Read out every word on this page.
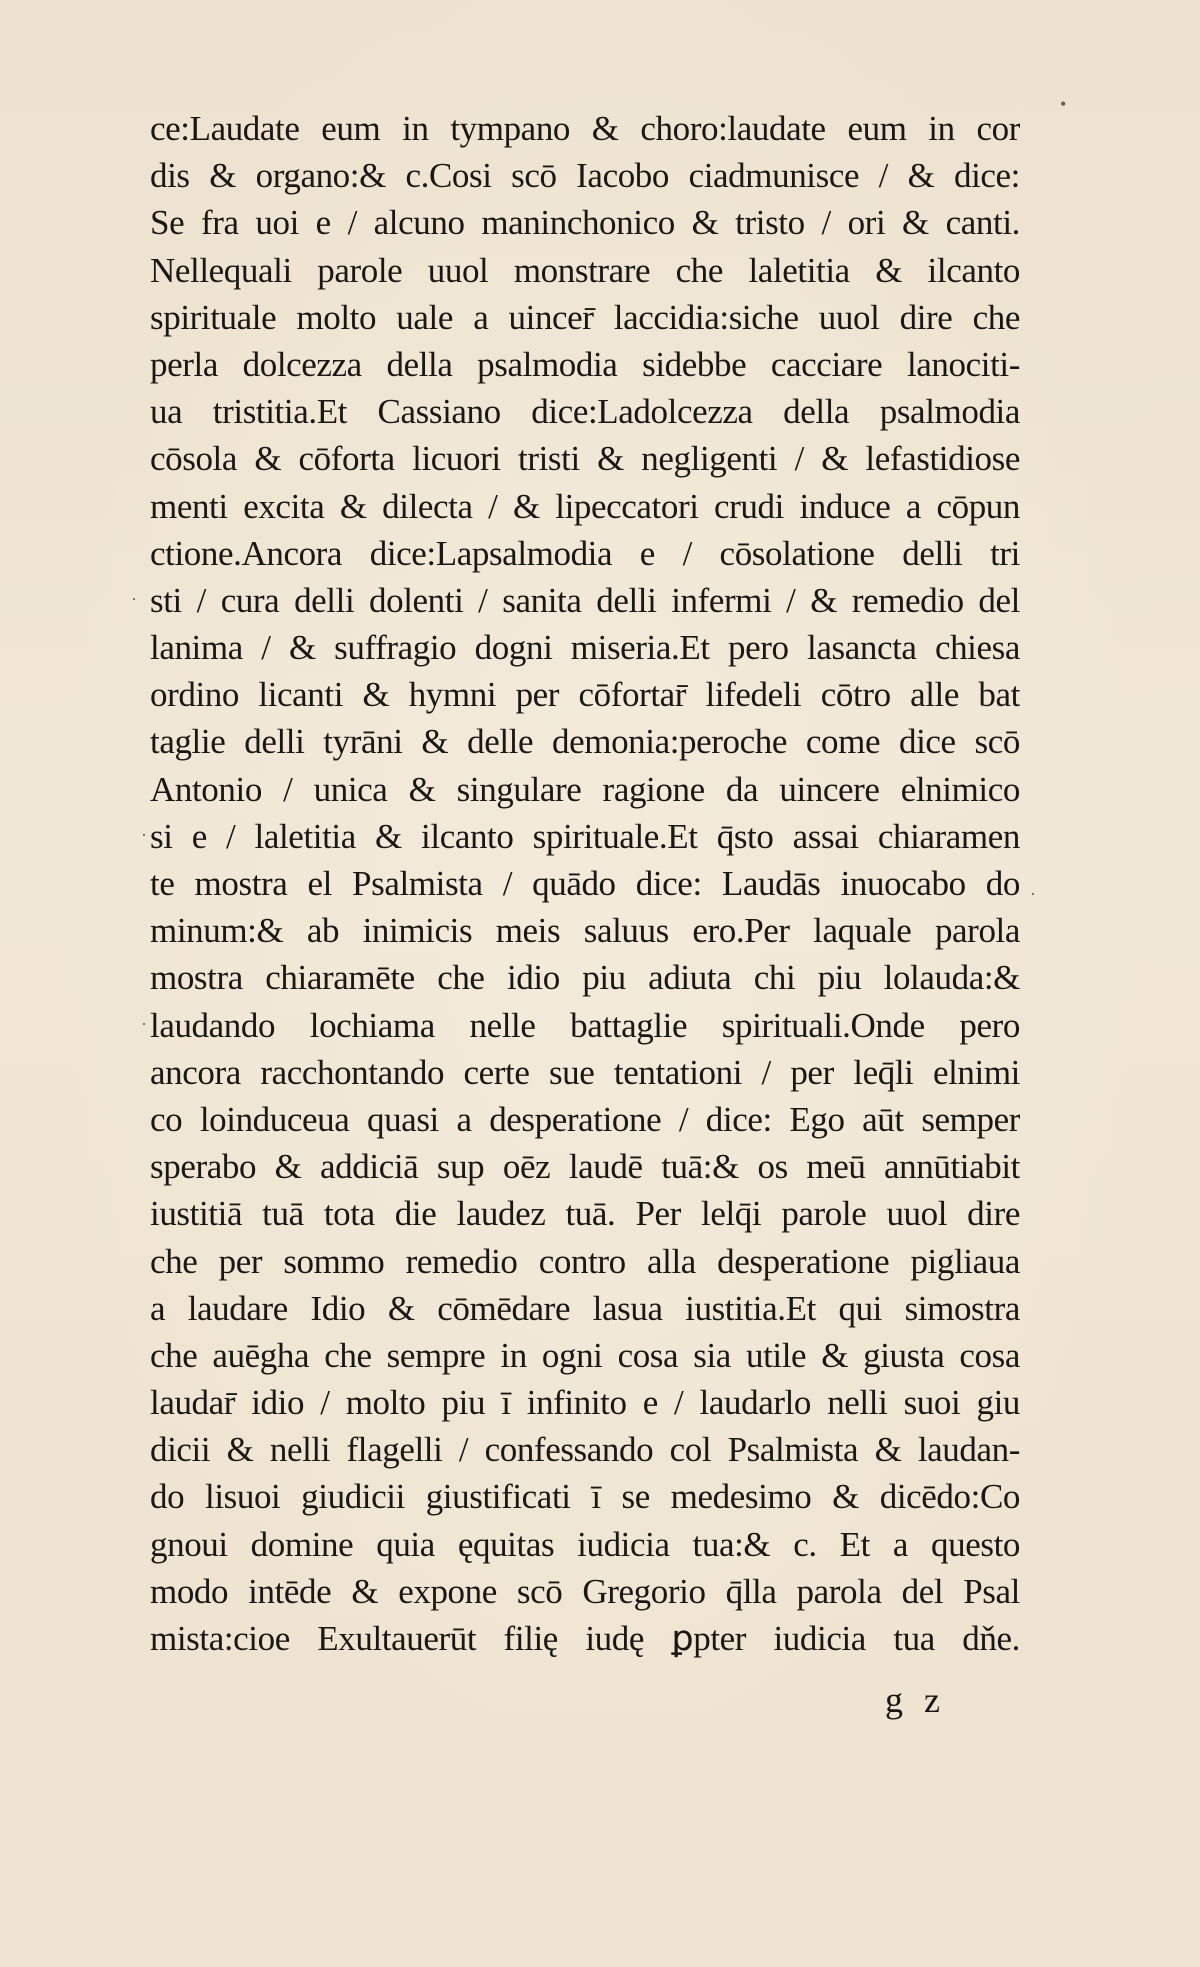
•
·
·
·
·
ce:Laudate eum in tympano & choro:laudate eum in cor
dis & organo:& c.Cosi scō Iacobo ciadmunisce / & dice:
Se fra uoi e / alcuno maninchonico & tristo / ori & canti.
Nellequali parole uuol monstrare che laletitia & ilcanto
spirituale molto uale a uincer̄ laccidia:siche uuol dire che
perla dolcezza della psalmodia sidebbe cacciare lanociti-
ua tristitia.Et Cassiano dice:Ladolcezza della psalmodia
cōsola & cōforta licuori tristi & negligenti / & lefastidiose
menti excita & dilecta / & lipeccatori crudi induce a cōpun
ctione.Ancora dice:Lapsalmodia e / cōsolatione delli tri
sti / cura delli dolenti / sanita delli infermi / & remedio del
lanima / & suffragio dogni miseria.Et pero lasancta chiesa
ordino licanti & hymni per cōfortar̄ lifedeli cōtro alle bat
taglie delli tyrāni & delle demonia:peroche come dice scō
Antonio / unica & singulare ragione da uincere elnimico
si e / laletitia & ilcanto spirituale.Et q̄sto assai chiaramen
te mostra el Psalmista / quādo dice: Laudās inuocabo do
minum:& ab inimicis meis saluus ero.Per laquale parola
mostra chiaramēte che idio piu adiuta chi piu lolauda:&
laudando lochiama nelle battaglie spirituali.Onde pero
ancora racchontando certe sue tentationi / per leq̄li elnimi
co loinduceua quasi a desperatione / dice: Ego aūt semper
sperabo & addiciā sup oēz laudē tuā:& os meū annūtiabit
iustitiā tuā tota die laudez tuā. Per lelq̄i parole uuol dire
che per sommo remedio contro alla desperatione pigliaua
a laudare Idio & cōmēdare lasua iustitia.Et qui simostra
che auēgha che sempre in ogni cosa sia utile & giusta cosa
laudar̄ idio / molto piu ī infinito e / laudarlo nelli suoi giu
dicii & nelli flagelli / confessando col Psalmista & laudan-
do lisuoi giudicii giustificati ī se medesimo & dicēdo:Co
gnoui domine quia ęquitas iudicia tua:& c. Et a questo
modo intēde & expone scō Gregorio q̄lla parola del Psal
mista:cioe Exultauerūt filię iudę ꝑpter iudicia tua dňe.
g z
